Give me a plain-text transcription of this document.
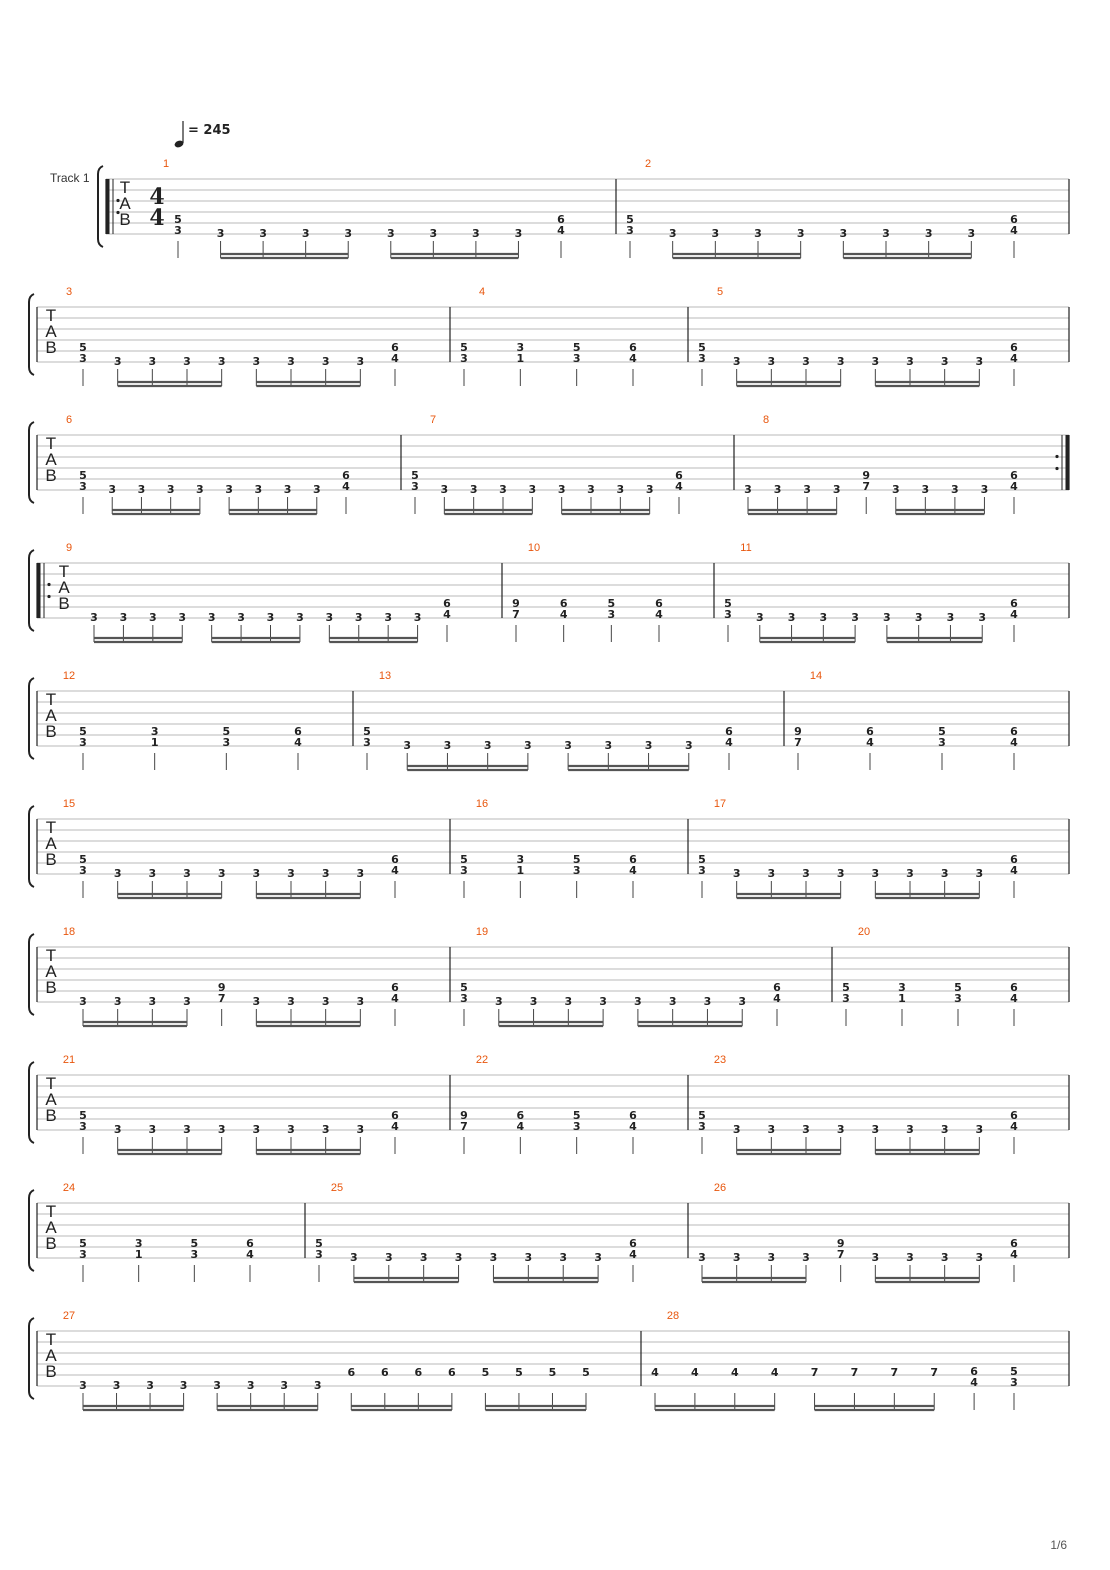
= 245
Track 1 T
A
B
4
4
1
5
3	3	3	3	3	3	3	3	3
6
4
2
5
3	3	3	3	3	3	3	3	3
6
4
T
A
B
3
5
3 3 3 3 3 3 3 3 3
6
4
4
5
3
3
1
5
3
6
4
5
5
3 3 3 3 3 3 3 3 3
6
4
T
A
B
6
5
3 3 3 3 3 3 3 3 3
6
4
7
5
3 3 3 3 3 3 3 3 3
6
4
8
3 3 3 3
9
7 3 3 3 3
6
4
T
A
B
9
3 3 3 3 3 3 3 3 3 3 3 3
6
4
10
9
7
6
4
5
3
6
4
11
5
3 3 3 3 3 3 3 3 3
6
4
T
A
B
12
5
3
3
1
5
3
6
4
13
5
3	3	3	3	3	3	3	3	3
6
4
14
9
7
6
4
5
3
6
4
T
A
B
15
5
3 3 3 3 3 3 3 3 3
6
4
16
5
3
3
1
5
3
6
4
17
5
3 3 3 3 3 3 3 3 3
6
4
T
A
B
18
3 3 3 3
9
7 3 3 3 3
6
4
19
5
3 3 3 3 3 3 3 3 3
6
4
20
5
3
3
1
5
3
6
4
T
A
B
21
5
3 3 3 3 3 3 3 3 3
6
4
22
9
7
6
4
5
3
6
4
23
5
3 3 3 3 3 3 3 3 3
6
4
T
A
B
24
5
3
3
1
5
3
6
4
25
5
3 3 3 3 3 3 3 3 3
6
4
26
3 3 3 3
9
7 3 3 3 3
6
4
T
A
B
27
3 3 3 3 3 3 3 3
6 6 6 6 5 5 5 5
28
4	4	4	4	7	7	7	7	6
4
5
3
1/6
